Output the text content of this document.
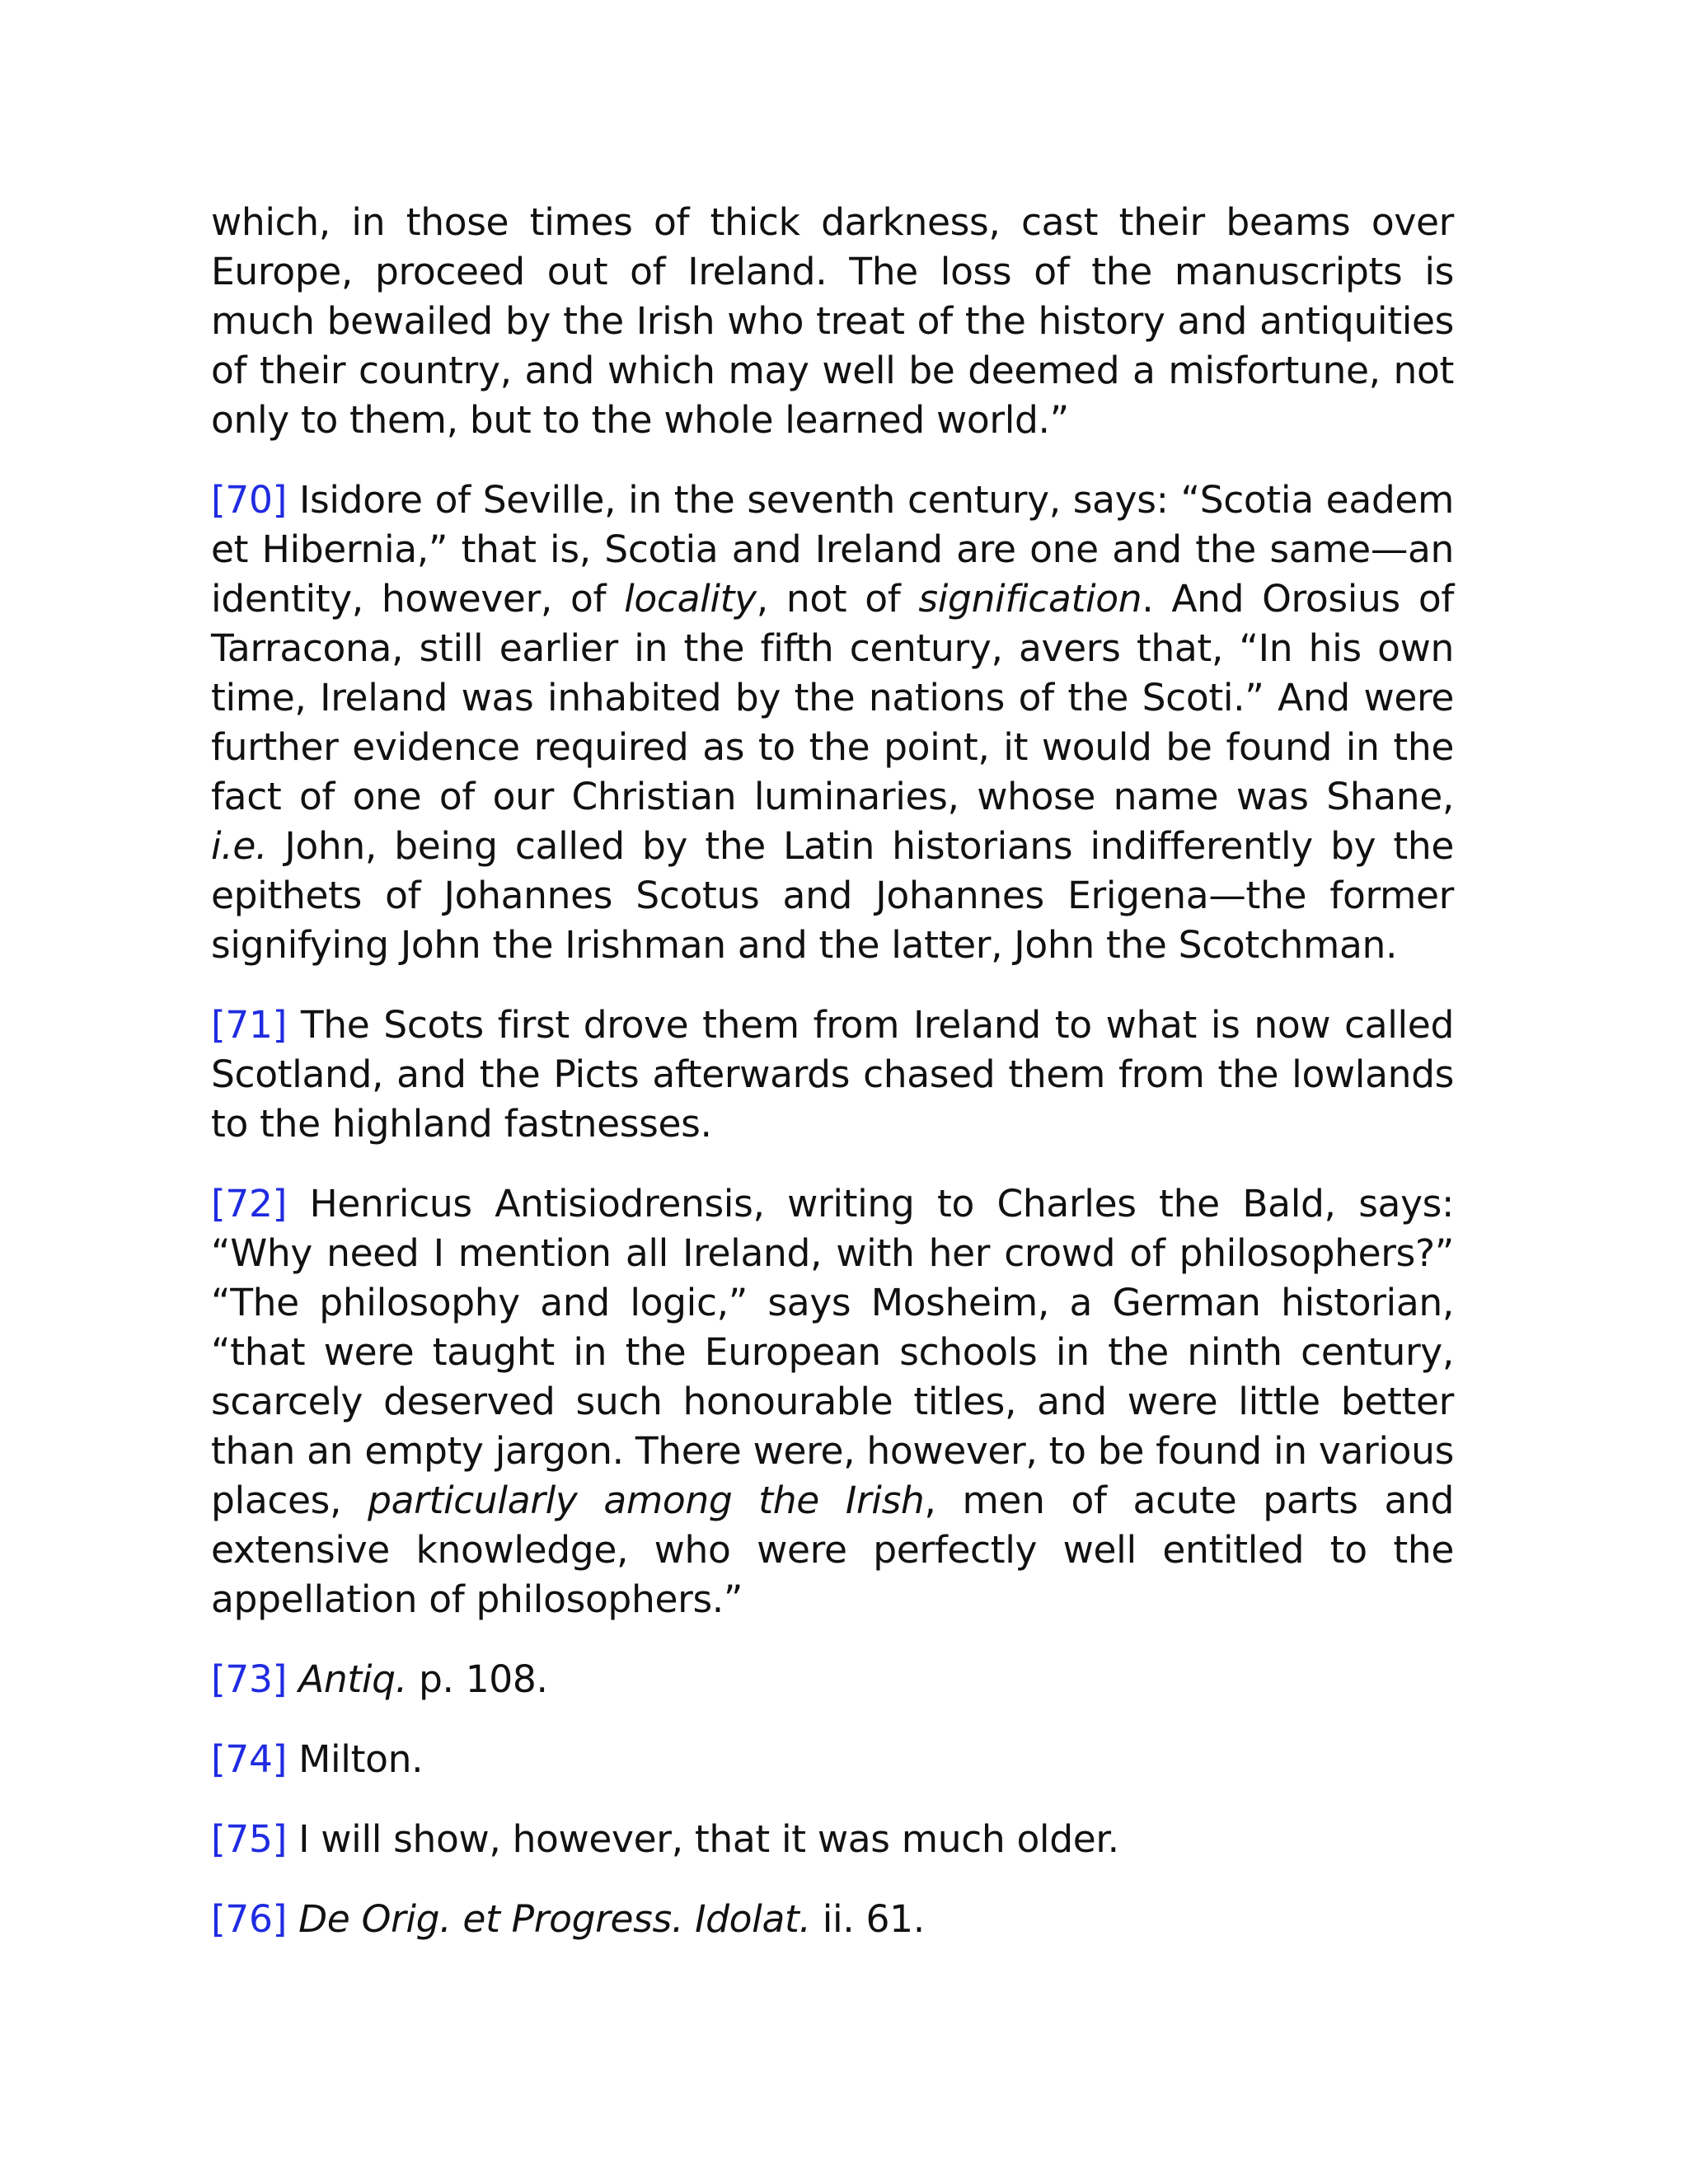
which, in those times of thick darkness, cast their beams over Europe, proceed out of Ireland. The loss of the manuscripts is much bewailed by the Irish who treat of the history and antiquities of their country, and which may well be deemed a misfortune, not only to them, but to the whole learned world.”

[70] Isidore of Seville, in the seventh century, says: “Scotia eadem et Hibernia,” that is, Scotia and Ireland are one and the same—an identity, however, of locality, not of signification. And Orosius of Tarracona, still earlier in the fifth century, avers that, “In his own time, Ireland was inhabited by the nations of the Scoti.” And were further evidence required as to the point, it would be found in the fact of one of our Christian luminaries, whose name was Shane, i.e. John, being called by the Latin historians indifferently by the epithets of Johannes Scotus and Johannes Erigena—the former signifying John the Irishman and the latter, John the Scotchman.

[71] The Scots first drove them from Ireland to what is now called Scotland, and the Picts afterwards chased them from the lowlands to the highland fastnesses.

[72] Henricus Antisiodrensis, writing to Charles the Bald, says: “Why need I mention all Ireland, with her crowd of philosophers?” “The philosophy and logic,” says Mosheim, a German historian, “that were taught in the European schools in the ninth century, scarcely deserved such honourable titles, and were little better than an empty jargon. There were, however, to be found in various places, particularly among the Irish, men of acute parts and extensive knowledge, who were perfectly well entitled to the appellation of philosophers.”

[73] Antiq. p. 108.

[74] Milton.

[75] I will show, however, that it was much older.

[76] De Orig. et Progress. Idolat. ii. 61.
